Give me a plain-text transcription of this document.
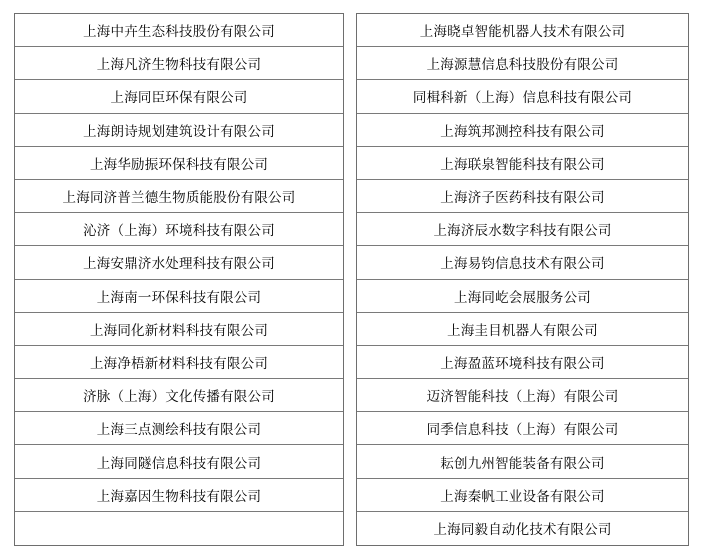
上海中卉生态科技股份有限公司
上海凡济生物科技有限公司
上海同臣环保有限公司
上海朗诗规划建筑设计有限公司
上海华励振环保科技有限公司
上海同济普兰德生物质能股份有限公司
沁济（上海）环境科技有限公司
上海安鼎济水处理科技有限公司
上海南一环保科技有限公司
上海同化新材料科技有限公司
上海净梧新材料科技有限公司
济脉（上海）文化传播有限公司
上海三点测绘科技有限公司
上海同隧信息科技有限公司
上海嘉因生物科技有限公司
上海晓卓智能机器人技术有限公司
上海源慧信息科技股份有限公司
同楫科新（上海）信息科技有限公司
上海筑邦测控科技有限公司
上海联泉智能科技有限公司
上海济子医药科技有限公司
上海济辰水数字科技有限公司
上海易钧信息技术有限公司
上海同屹会展服务公司
上海圭目机器人有限公司
上海盈蓝环境科技有限公司
迈济智能科技（上海）有限公司
同季信息科技（上海）有限公司
耘创九州智能装备有限公司
上海秦帆工业设备有限公司
上海同毅自动化技术有限公司
